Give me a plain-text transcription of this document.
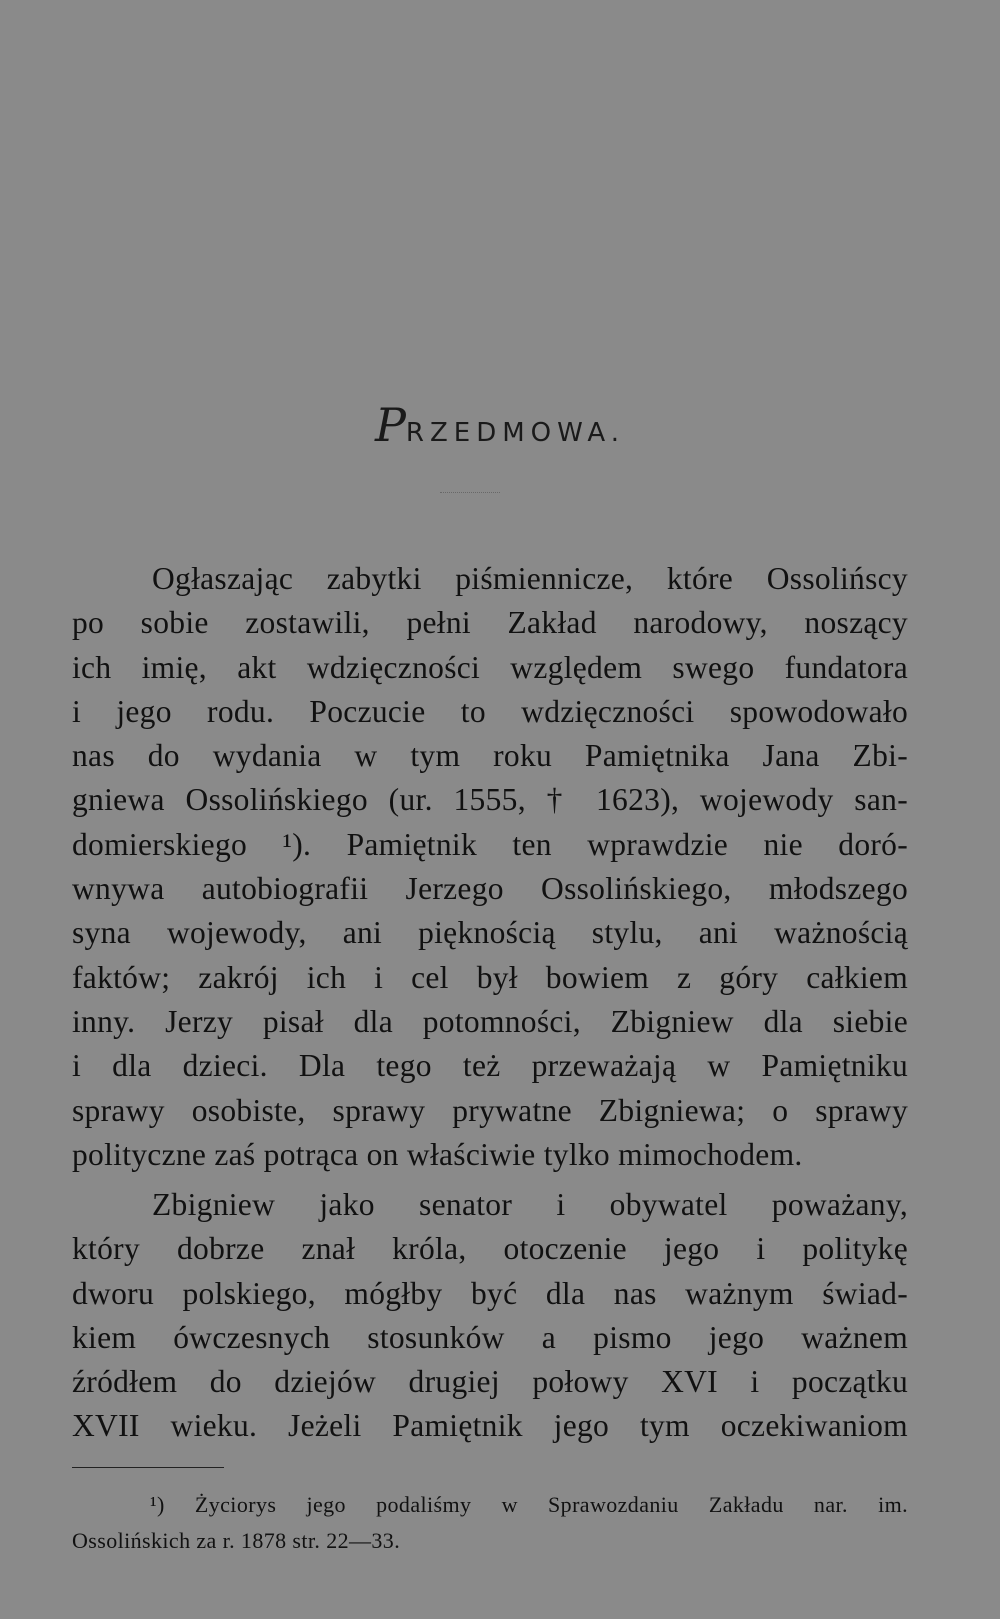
PRZEDMOWA.
Ogłaszając zabytki piśmiennicze, które Ossolińscy
po sobie zostawili, pełni Zakład narodowy, noszący
ich imię, akt wdzięczności względem swego fundatora
i jego rodu. Poczucie to wdzięczności spowodowało
nas do wydania w tym roku Pamiętnika Jana Zbi-
gniewa Ossolińskiego (ur. 1555, † 1623), wojewody san-
domierskiego ¹). Pamiętnik ten wprawdzie nie doró-
wnywa autobiografii Jerzego Ossolińskiego, młodszego
syna wojewody, ani pięknością stylu, ani ważnością
faktów; zakrój ich i cel był bowiem z góry całkiem
inny. Jerzy pisał dla potomności, Zbigniew dla siebie
i dla dzieci. Dla tego też przeważają w Pamiętniku
sprawy osobiste, sprawy prywatne Zbigniewa; o sprawy
polityczne zaś potrąca on właściwie tylko mimochodem.
Zbigniew jako senator i obywatel poważany,
który dobrze znał króla, otoczenie jego i politykę
dworu polskiego, mógłby być dla nas ważnym świad-
kiem ówczesnych stosunków a pismo jego ważnem
źródłem do dziejów drugiej połowy XVI i początku
XVII wieku. Jeżeli Pamiętnik jego tym oczekiwaniom
¹) Życiorys jego podaliśmy w Sprawozdaniu Zakładu nar. im.
Ossolińskich za r. 1878 str. 22—33.
